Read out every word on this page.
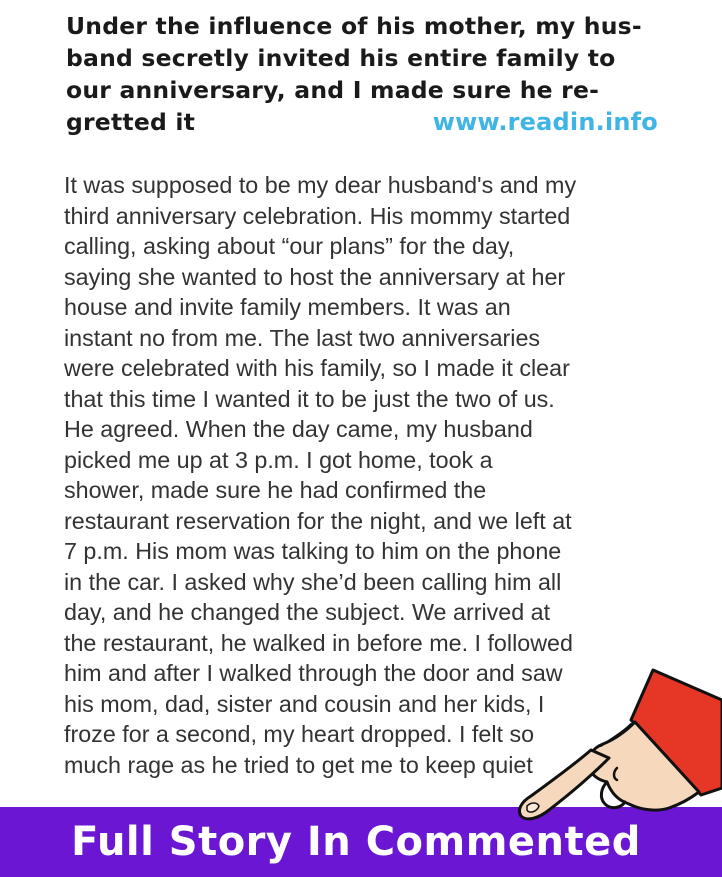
Under the influence of his mother, my hus-
band secretly invited his entire family to
our anniversary, and I made sure he re-
gretted it	www.readin.info
It was supposed to be my dear husband's and my
third anniversary celebration. His mommy started
calling, asking about “our plans” for the day,
saying she wanted to host the anniversary at her
house and invite family members. It was an
instant no from me. The last two anniversaries
were celebrated with his family, so I made it clear
that this time I wanted it to be just the two of us.
He agreed. When the day came, my husband
picked me up at 3 p.m. I got home, took a
shower, made sure he had confirmed the
restaurant reservation for the night, and we left at
7 p.m. His mom was talking to him on the phone
in the car. I asked why she’d been calling him all
day, and he changed the subject. We arrived at
the restaurant, he walked in before me. I followed
him and after I walked through the door and saw
his mom, dad, sister and cousin and her kids, I
froze for a second, my heart dropped. I felt so
much rage as he tried to get me to keep quiet
Full Story In Commented
